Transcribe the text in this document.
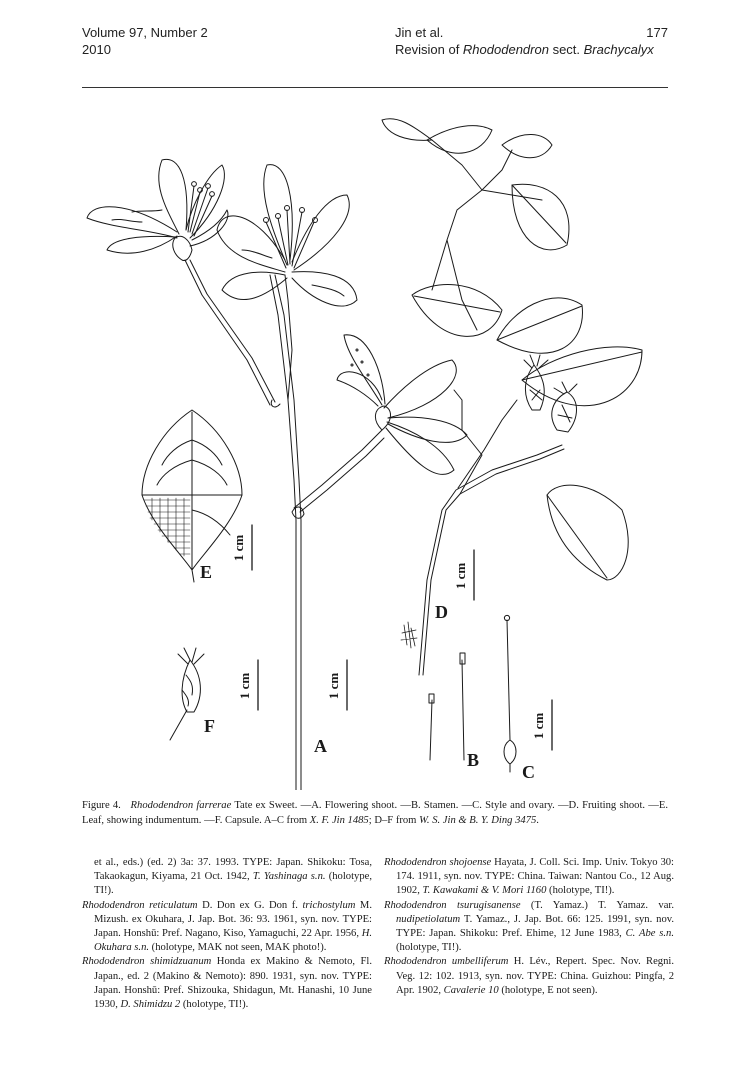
Volume 97, Number 2
2010
Jin et al.
Revision of Rhododendron sect. Brachycalyx
177
A
B
C
D
E
F
1 cm
1 cm	1 cm
1 cm
1 cm
Figure 4. Rhododendron farrerae Tate ex Sweet. —A. Flowering shoot. —B. Stamen. —C. Style and ovary. —D. Fruiting shoot. —E. Leaf, showing indumentum. —F. Capsule. A–C from X. F. Jin 1485; D–F from W. S. Jin & B. Y. Ding 3475.

et al., eds.) (ed. 2) 3a: 37. 1993. TYPE: Japan. Shikoku: Tosa, Takaokagun, Kiyama, 21 Oct. 1942, T. Yashinaga s.n. (holotype, TI!).

Rhododendron reticulatum D. Don ex G. Don f. trichostylum M. Mizush. ex Okuhara, J. Jap. Bot. 36: 93. 1961, syn. nov. TYPE: Japan. Honshū: Pref. Nagano, Kiso, Yamaguchi, 22 Apr. 1956, H. Okuhara s.n. (holotype, MAK not seen, MAK photo!).

Rhododendron shimidzuanum Honda ex Makino & Nemoto, Fl. Japan., ed. 2 (Makino & Nemoto): 890. 1931, syn. nov. TYPE: Japan. Honshū: Pref. Shizouka, Shidagun, Mt. Hanashi, 10 June 1930, D. Shimidzu 2 (holotype, TI!).

Rhododendron shojoense Hayata, J. Coll. Sci. Imp. Univ. Tokyo 30: 174. 1911, syn. nov. TYPE: China. Taiwan: Nantou Co., 12 Aug. 1902, T. Kawakami & V. Mori 1160 (holotype, TI!).

Rhododendron tsurugisanense (T. Yamaz.) T. Yamaz. var. nudipetiolatum T. Yamaz., J. Jap. Bot. 66: 125. 1991, syn. nov. TYPE: Japan. Shikoku: Pref. Ehime, 12 June 1983, C. Abe s.n. (holotype, TI!).

Rhododendron umbelliferum H. Lév., Repert. Spec. Nov. Regni. Veg. 12: 102. 1913, syn. nov. TYPE: China. Guizhou: Pingfa, 2 Apr. 1902, Cavalerie 10 (holotype, E not seen).
